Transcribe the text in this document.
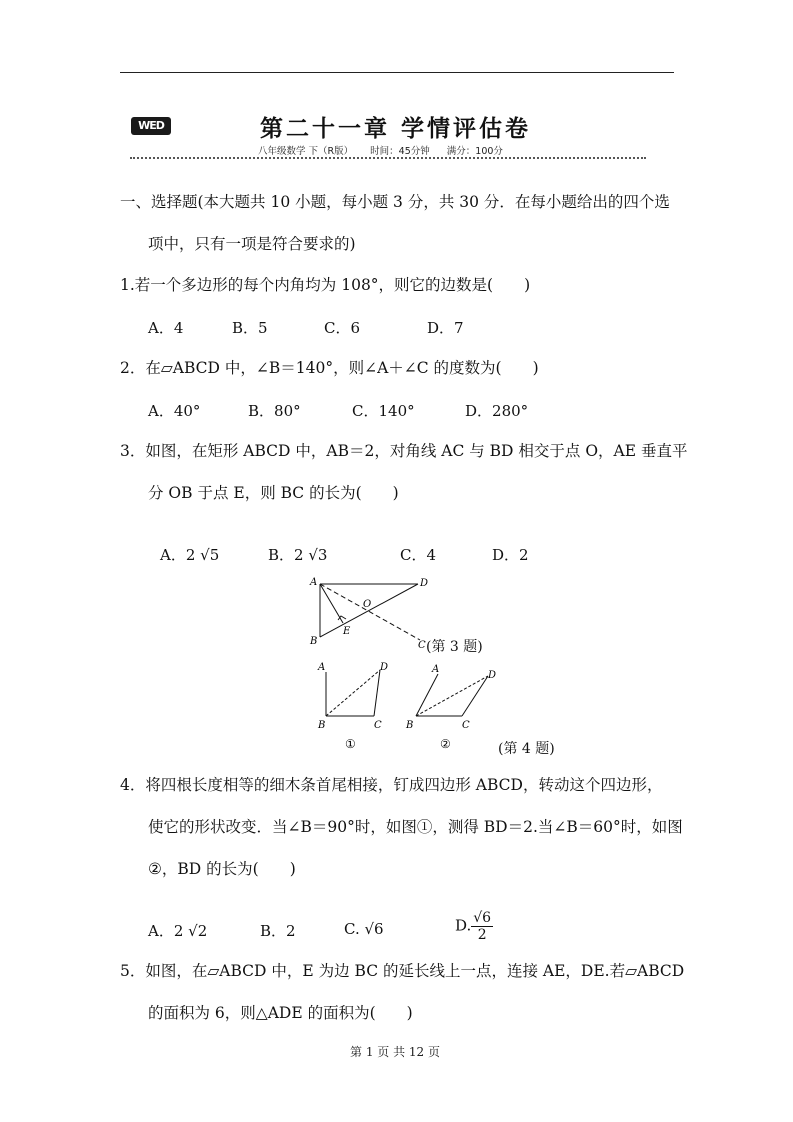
WED	第二十一章 学情评估卷
八年级数学 下（R版） 时间：45分钟 满分：100分
一、选择题(本大题共 10 小题，每小题 3 分，共 30 分．在每小题给出的四个选
项中，只有一项是符合要求的)
1.若一个多边形的每个内角均为 108°，则它的边数是(　　)
A．4	B．5	C．6	D．7
2．在▱ABCD 中，∠B＝140°，则∠A＋∠C 的度数为(　　)
A．40°	B．80°	C．140°	D．280°
3．如图，在矩形 ABCD 中，AB＝2，对角线 AC 与 BD 相交于点 O，AE 垂直平
分 OB 于点 E，则 BC 的长为(　　)
A．2 √5	B．2 √3	C．4	D．2
A	D
O
E
B	C (第 3 题)
A	D
B	C
A
D
B	C
①	②	(第 4 题)
4．将四根长度相等的细木条首尾相接，钉成四边形 ABCD，转动这个四边形，
使它的形状改变．当∠B＝90°时，如图①，测得 BD＝2.当∠B＝60°时，如图
②，BD 的长为(　　)
A．2 √2	B．2	C. √6	D. $\frac{√6}{2}$
5．如图，在▱ABCD 中，E 为边 BC 的延长线上一点，连接 AE，DE.若▱ABCD
的面积为 6，则△ADE 的面积为(　　)
第 1 页 共 12 页
